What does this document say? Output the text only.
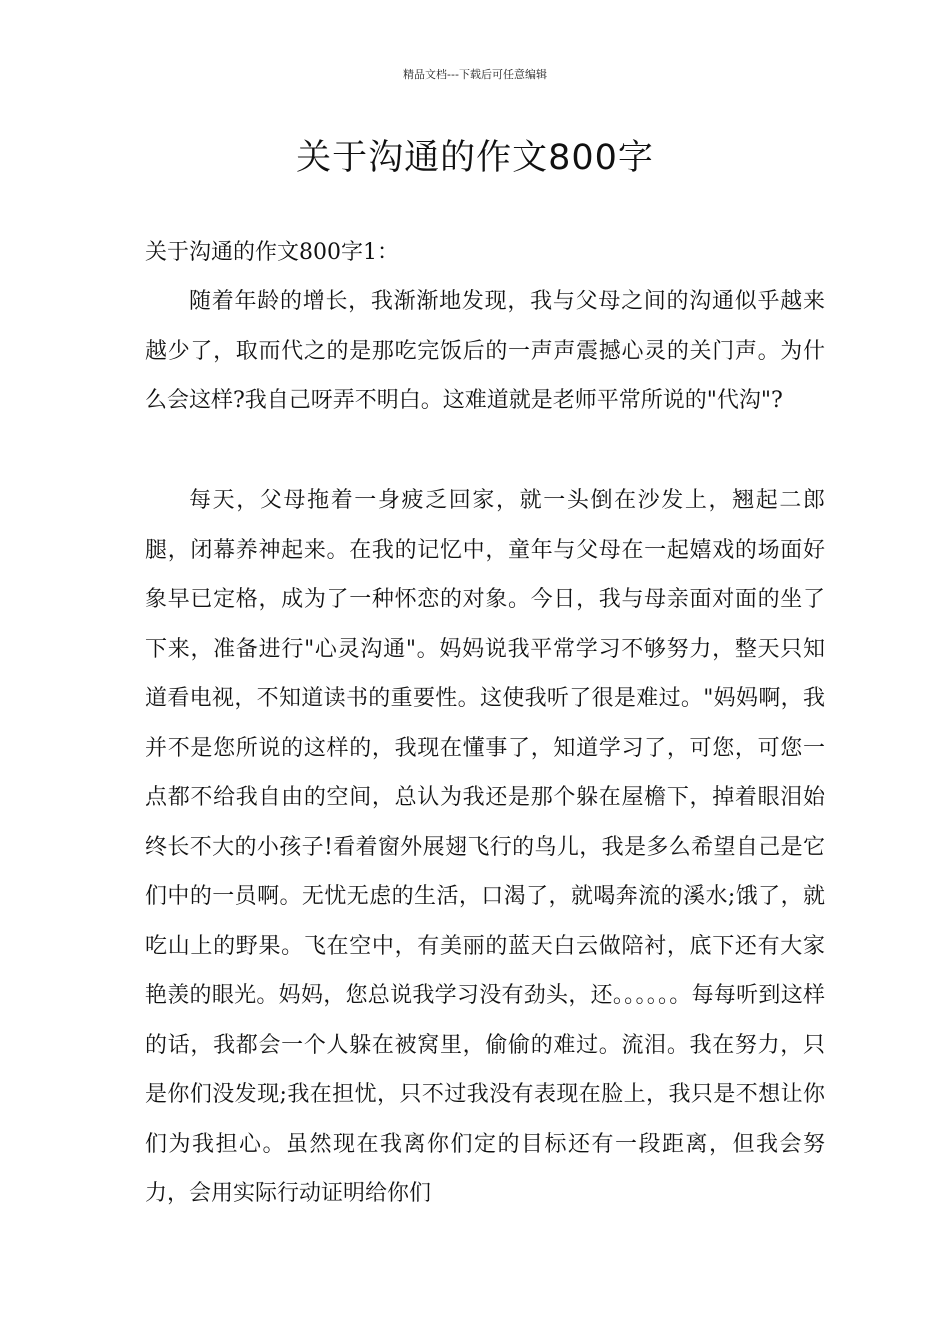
精品文档---下载后可任意编辑
关于沟通的作文800字

关于沟通的作文800字1：

随着年龄的增长，我渐渐地发现，我与父母之间的沟通似乎越来越少了，取而代之的是那吃完饭后的一声声震撼心灵的关门声。为什么会这样?我自己呀弄不明白。这难道就是老师平常所说的"代沟"?

每天，父母拖着一身疲乏回家，就一头倒在沙发上，翘起二郎腿，闭幕养神起来。在我的记忆中，童年与父母在一起嬉戏的场面好象早已定格，成为了一种怀恋的对象。今日，我与母亲面对面的坐了下来，准备进行"心灵沟通"。妈妈说我平常学习不够努力，整天只知道看电视，不知道读书的重要性。这使我听了很是难过。"妈妈啊，我并不是您所说的这样的，我现在懂事了，知道学习了，可您，可您一点都不给我自由的空间，总认为我还是那个躲在屋檐下，掉着眼泪始终长不大的小孩子!看着窗外展翅飞行的鸟儿，我是多么希望自己是它们中的一员啊。无忧无虑的生活，口渴了，就喝奔流的溪水;饿了，就吃山上的野果。飞在空中，有美丽的蓝天白云做陪衬，底下还有大家艳羡的眼光。妈妈，您总说我学习没有劲头，还。。。。。。每每听到这样的话，我都会一个人躲在被窝里，偷偷的难过。流泪。我在努力，只是你们没发现;我在担忧，只不过我没有表现在脸上，我只是不想让你们为我担心。虽然现在我离你们定的目标还有一段距离，但我会努力，会用实际行动证明给你们
